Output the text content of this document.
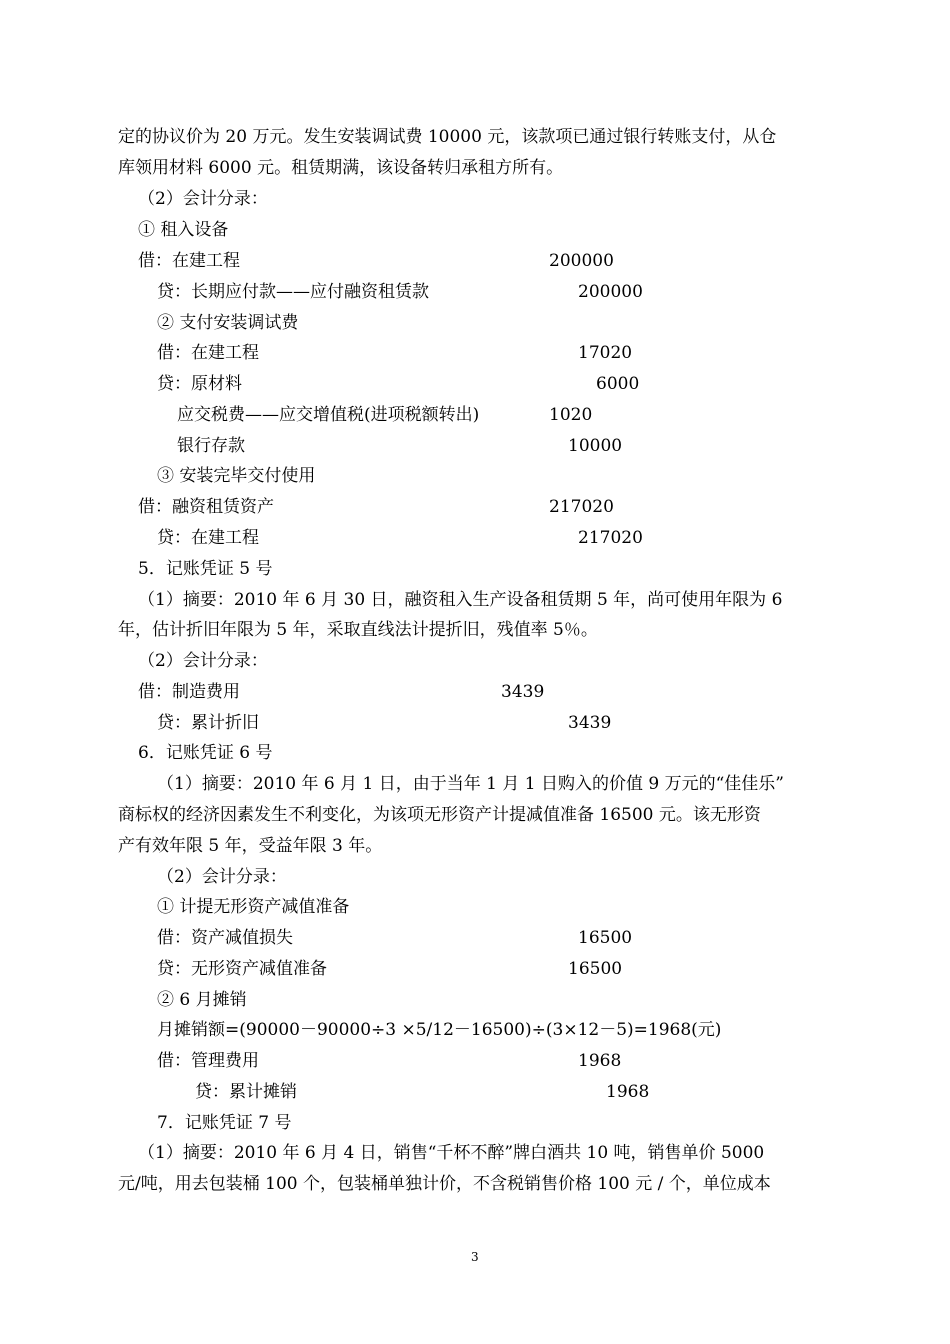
定的协议价为 20 万元。发生安装调试费 10000 元，该款项已通过银行转账支付，从仓

库领用材料 6000 元。租赁期满，该设备转归承租方所有。

（2）会计分录：

① 租入设备

借：在建工程	200000

贷：长期应付款——应付融资租赁款	200000

② 支付安装调试费

借：在建工程	17020

贷：原材料	6000

应交税费——应交增值税(进项税额转出)	1020

银行存款	10000

③ 安装完毕交付使用

借：融资租赁资产	217020

贷：在建工程	217020

5．记账凭证 5 号

（1）摘要：2010 年 6 月 30 日，融资租入生产设备租赁期 5 年，尚可使用年限为 6

年，估计折旧年限为 5 年，采取直线法计提折旧，残值率 5％。

（2）会计分录：

借：制造费用	3439

贷：累计折旧	3439

6．记账凭证 6 号

（1）摘要：2010 年 6 月 1 日，由于当年 1 月 1 日购入的价值 9 万元的“佳佳乐”

商标权的经济因素发生不利变化，为该项无形资产计提减值准备 16500 元。该无形资

产有效年限 5 年，受益年限 3 年。

（2）会计分录：

① 计提无形资产减值准备

借：资产减值损失	16500

贷：无形资产减值准备	16500

② 6 月摊销

月摊销额=(90000－90000÷3 ×5/12－16500)÷(3×12－5)=1968(元)

借：管理费用	1968

贷：累计摊销	1968

7．记账凭证 7 号

（1）摘要：2010 年 6 月 4 日，销售“千杯不醉”牌白酒共 10 吨，销售单价 5000

元/吨，用去包装桶 100 个，包装桶单独计价，不含税销售价格 100 元 / 个，单位成本

3
